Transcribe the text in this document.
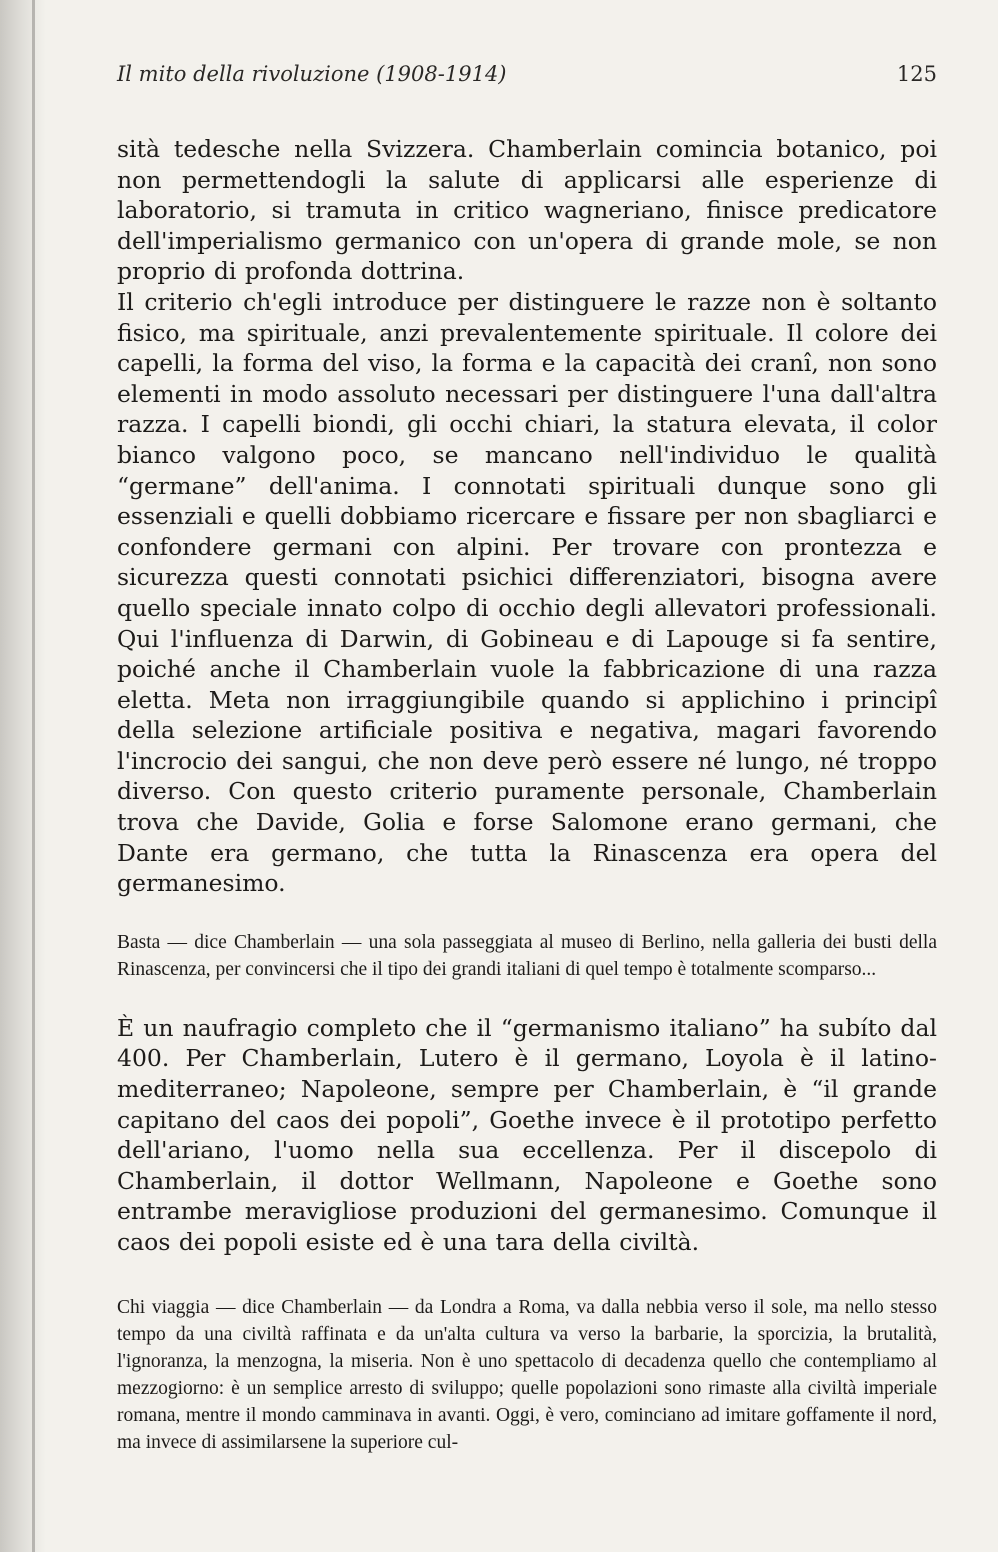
Il mito della rivoluzione (1908-1914)	125

sità tedesche nella Svizzera. Chamberlain comincia botanico, poi non permettendogli la salute di applicarsi alle esperienze di laboratorio, si tramuta in critico wagneriano, finisce predicatore dell'imperialismo germanico con un'opera di grande mole, se non proprio di profonda dottrina.

Il criterio ch'egli introduce per distinguere le razze non è soltanto fisico, ma spirituale, anzi prevalentemente spirituale. Il colore dei capelli, la forma del viso, la forma e la capacità dei cranî, non sono elementi in modo assoluto necessari per distinguere l'una dall'altra razza. I capelli biondi, gli occhi chiari, la statura elevata, il color bianco valgono poco, se mancano nell'individuo le qualità “germane” dell'anima. I connotati spirituali dunque sono gli essenziali e quelli dobbiamo ricercare e fissare per non sbagliarci e confondere germani con alpini. Per trovare con prontezza e sicurezza questi connotati psichici differenziatori, bisogna avere quello speciale innato colpo di occhio degli allevatori professionali. Qui l'influenza di Darwin, di Gobineau e di Lapouge si fa sentire, poiché anche il Chamberlain vuole la fabbricazione di una razza eletta. Meta non irraggiungibile quando si applichino i principî della selezione artificiale positiva e negativa, magari favorendo l'incrocio dei sangui, che non deve però essere né lungo, né troppo diverso. Con questo criterio puramente personale, Chamberlain trova che Davide, Golia e forse Salomone erano germani, che Dante era germano, che tutta la Rinascenza era opera del germanesimo.

Basta — dice Chamberlain — una sola passeggiata al museo di Berlino, nella galleria dei busti della Rinascenza, per convincersi che il tipo dei grandi italiani di quel tempo è totalmente scomparso...

È un naufragio completo che il “germanismo italiano” ha subíto dal 400. Per Chamberlain, Lutero è il germano, Loyola è il latino-mediterraneo; Napoleone, sempre per Chamberlain, è “il grande capitano del caos dei popoli”, Goethe invece è il prototipo perfetto dell'ariano, l'uomo nella sua eccellenza. Per il discepolo di Chamberlain, il dottor Wellmann, Napoleone e Goethe sono entrambe meravigliose produzioni del germanesimo. Comunque il caos dei popoli esiste ed è una tara della civiltà.

Chi viaggia — dice Chamberlain — da Londra a Roma, va dalla nebbia verso il sole, ma nello stesso tempo da una civiltà raffinata e da un'alta cultura va verso la barbarie, la sporcizia, la brutalità, l'ignoranza, la menzogna, la miseria. Non è uno spettacolo di decadenza quello che contempliamo al mezzogiorno: è un semplice arresto di sviluppo; quelle popolazioni sono rimaste alla civiltà imperiale romana, mentre il mondo camminava in avanti. Oggi, è vero, cominciano ad imitare goffamente il nord, ma invece di assimilarsene la superiore cul-
